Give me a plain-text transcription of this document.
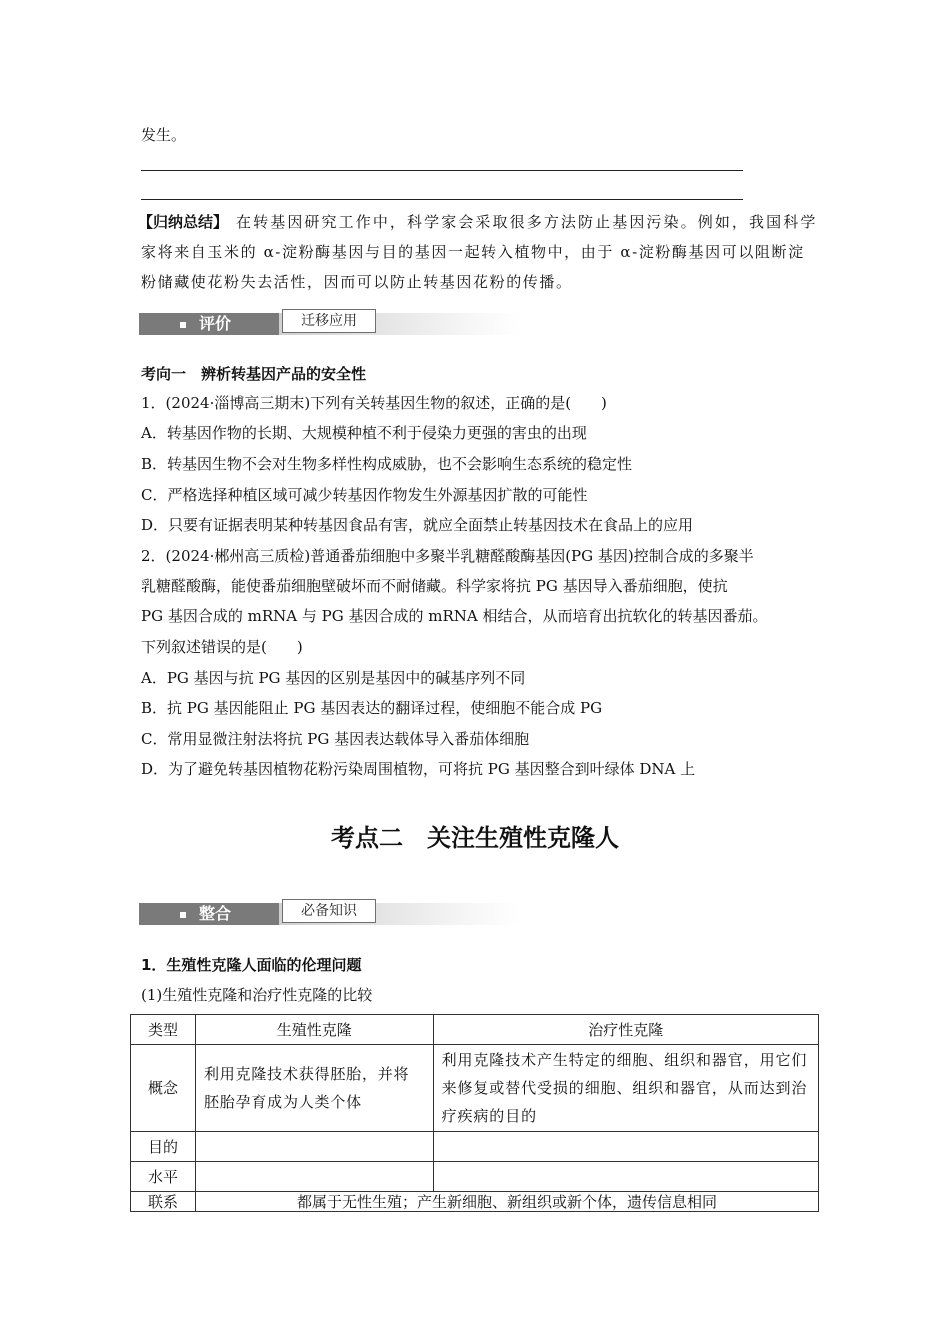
发生。
【归纳总结】 在转基因研究工作中，科学家会采取很多方法防止基因污染。例如，我国科学
家将来自玉米的 α-淀粉酶基因与目的基因一起转入植物中，由于 α-淀粉酶基因可以阻断淀
粉储藏使花粉失去活性，因而可以防止转基因花粉的传播。
评价	迁移应用
考向一　辨析转基因产品的安全性
1．(2024·淄博高三期末)下列有关转基因生物的叙述，正确的是(　　)
A．转基因作物的长期、大规模种植不利于侵染力更强的害虫的出现
B．转基因生物不会对生物多样性构成威胁，也不会影响生态系统的稳定性
C．严格选择种植区域可减少转基因作物发生外源基因扩散的可能性
D．只要有证据表明某种转基因食品有害，就应全面禁止转基因技术在食品上的应用
2．(2024·郴州高三质检)普通番茄细胞中多聚半乳糖醛酸酶基因(PG 基因)控制合成的多聚半
乳糖醛酸酶，能使番茄细胞壁破坏而不耐储藏。科学家将抗 PG 基因导入番茄细胞，使抗
PG 基因合成的 mRNA 与 PG 基因合成的 mRNA 相结合，从而培育出抗软化的转基因番茄。
下列叙述错误的是(　　)
A．PG 基因与抗 PG 基因的区别是基因中的碱基序列不同
B．抗 PG 基因能阻止 PG 基因表达的翻译过程，使细胞不能合成 PG
C．常用显微注射法将抗 PG 基因表达载体导入番茄体细胞
D．为了避免转基因植物花粉污染周围植物，可将抗 PG 基因整合到叶绿体 DNA 上
考点二　关注生殖性克隆人
整合	必备知识
1．生殖性克隆人面临的伦理问题
(1)生殖性克隆和治疗性克隆的比较
类型	生殖性克隆	治疗性克隆
概念	利用克隆技术获得胚胎，并将胚胎孕育成为人类个体	利用克隆技术产生特定的细胞、组织和器官，用它们来修复或替代受损的细胞、组织和器官，从而达到治疗疾病的目的
目的		
水平		
联系	都属于无性生殖；产生新细胞、新组织或新个体，遗传信息相同	
